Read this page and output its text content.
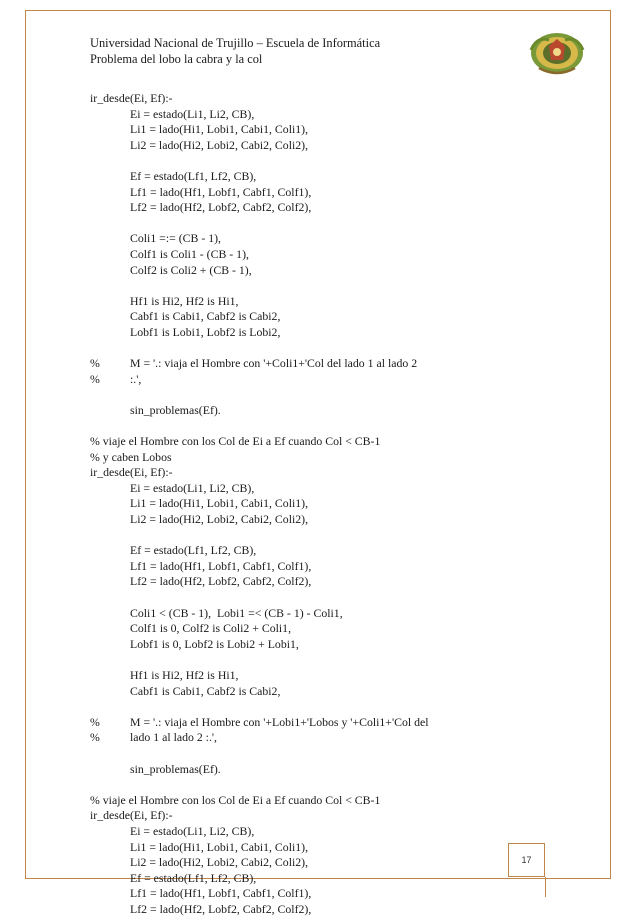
Universidad Nacional de Trujillo – Escuela de Informática
Problema del lobo la cabra y la col
ir_desde(Ei, Ef):-
Ei = estado(Li1, Li2, CB),
Li1 = lado(Hi1, Lobi1, Cabi1, Coli1),
Li2 = lado(Hi2, Lobi2, Cabi2, Coli2),
Ef = estado(Lf1, Lf2, CB),
Lf1 = lado(Hf1, Lobf1, Cabf1, Colf1),
Lf2 = lado(Hf2, Lobf2, Cabf2, Colf2),
Coli1 =:= (CB - 1),
Colf1 is Coli1 - (CB - 1),
Colf2 is Coli2 + (CB - 1),
Hf1 is Hi2, Hf2 is Hi1,
Cabf1 is Cabi1, Cabf2 is Cabi2,
Lobf1 is Lobi1, Lobf2 is Lobi2,
%	M = '.: viaja el Hombre con '+Coli1+'Col del lado 1 al lado 2
%	:.',
sin_problemas(Ef).
% viaje el Hombre con los Col de Ei a Ef cuando Col < CB-1
% y caben Lobos
ir_desde(Ei, Ef):-
Ei = estado(Li1, Li2, CB),
Li1 = lado(Hi1, Lobi1, Cabi1, Coli1),
Li2 = lado(Hi2, Lobi2, Cabi2, Coli2),
Ef = estado(Lf1, Lf2, CB),
Lf1 = lado(Hf1, Lobf1, Cabf1, Colf1),
Lf2 = lado(Hf2, Lobf2, Cabf2, Colf2),
Coli1 < (CB - 1),  Lobi1 =< (CB - 1) - Coli1,
Colf1 is 0, Colf2 is Coli2 + Coli1,
Lobf1 is 0, Lobf2 is Lobi2 + Lobi1,
Hf1 is Hi2, Hf2 is Hi1,
Cabf1 is Cabi1, Cabf2 is Cabi2,
%	M = '.: viaja el Hombre con '+Lobi1+'Lobos y '+Coli1+'Col del
%	lado 1 al lado 2 :.',
sin_problemas(Ef).
% viaje el Hombre con los Col de Ei a Ef cuando Col < CB-1
ir_desde(Ei, Ef):-
Ei = estado(Li1, Li2, CB),
Li1 = lado(Hi1, Lobi1, Cabi1, Coli1),
Li2 = lado(Hi2, Lobi2, Cabi2, Coli2),
Ef = estado(Lf1, Lf2, CB),
Lf1 = lado(Hf1, Lobf1, Cabf1, Colf1),
Lf2 = lado(Hf2, Lobf2, Cabf2, Colf2),
17
